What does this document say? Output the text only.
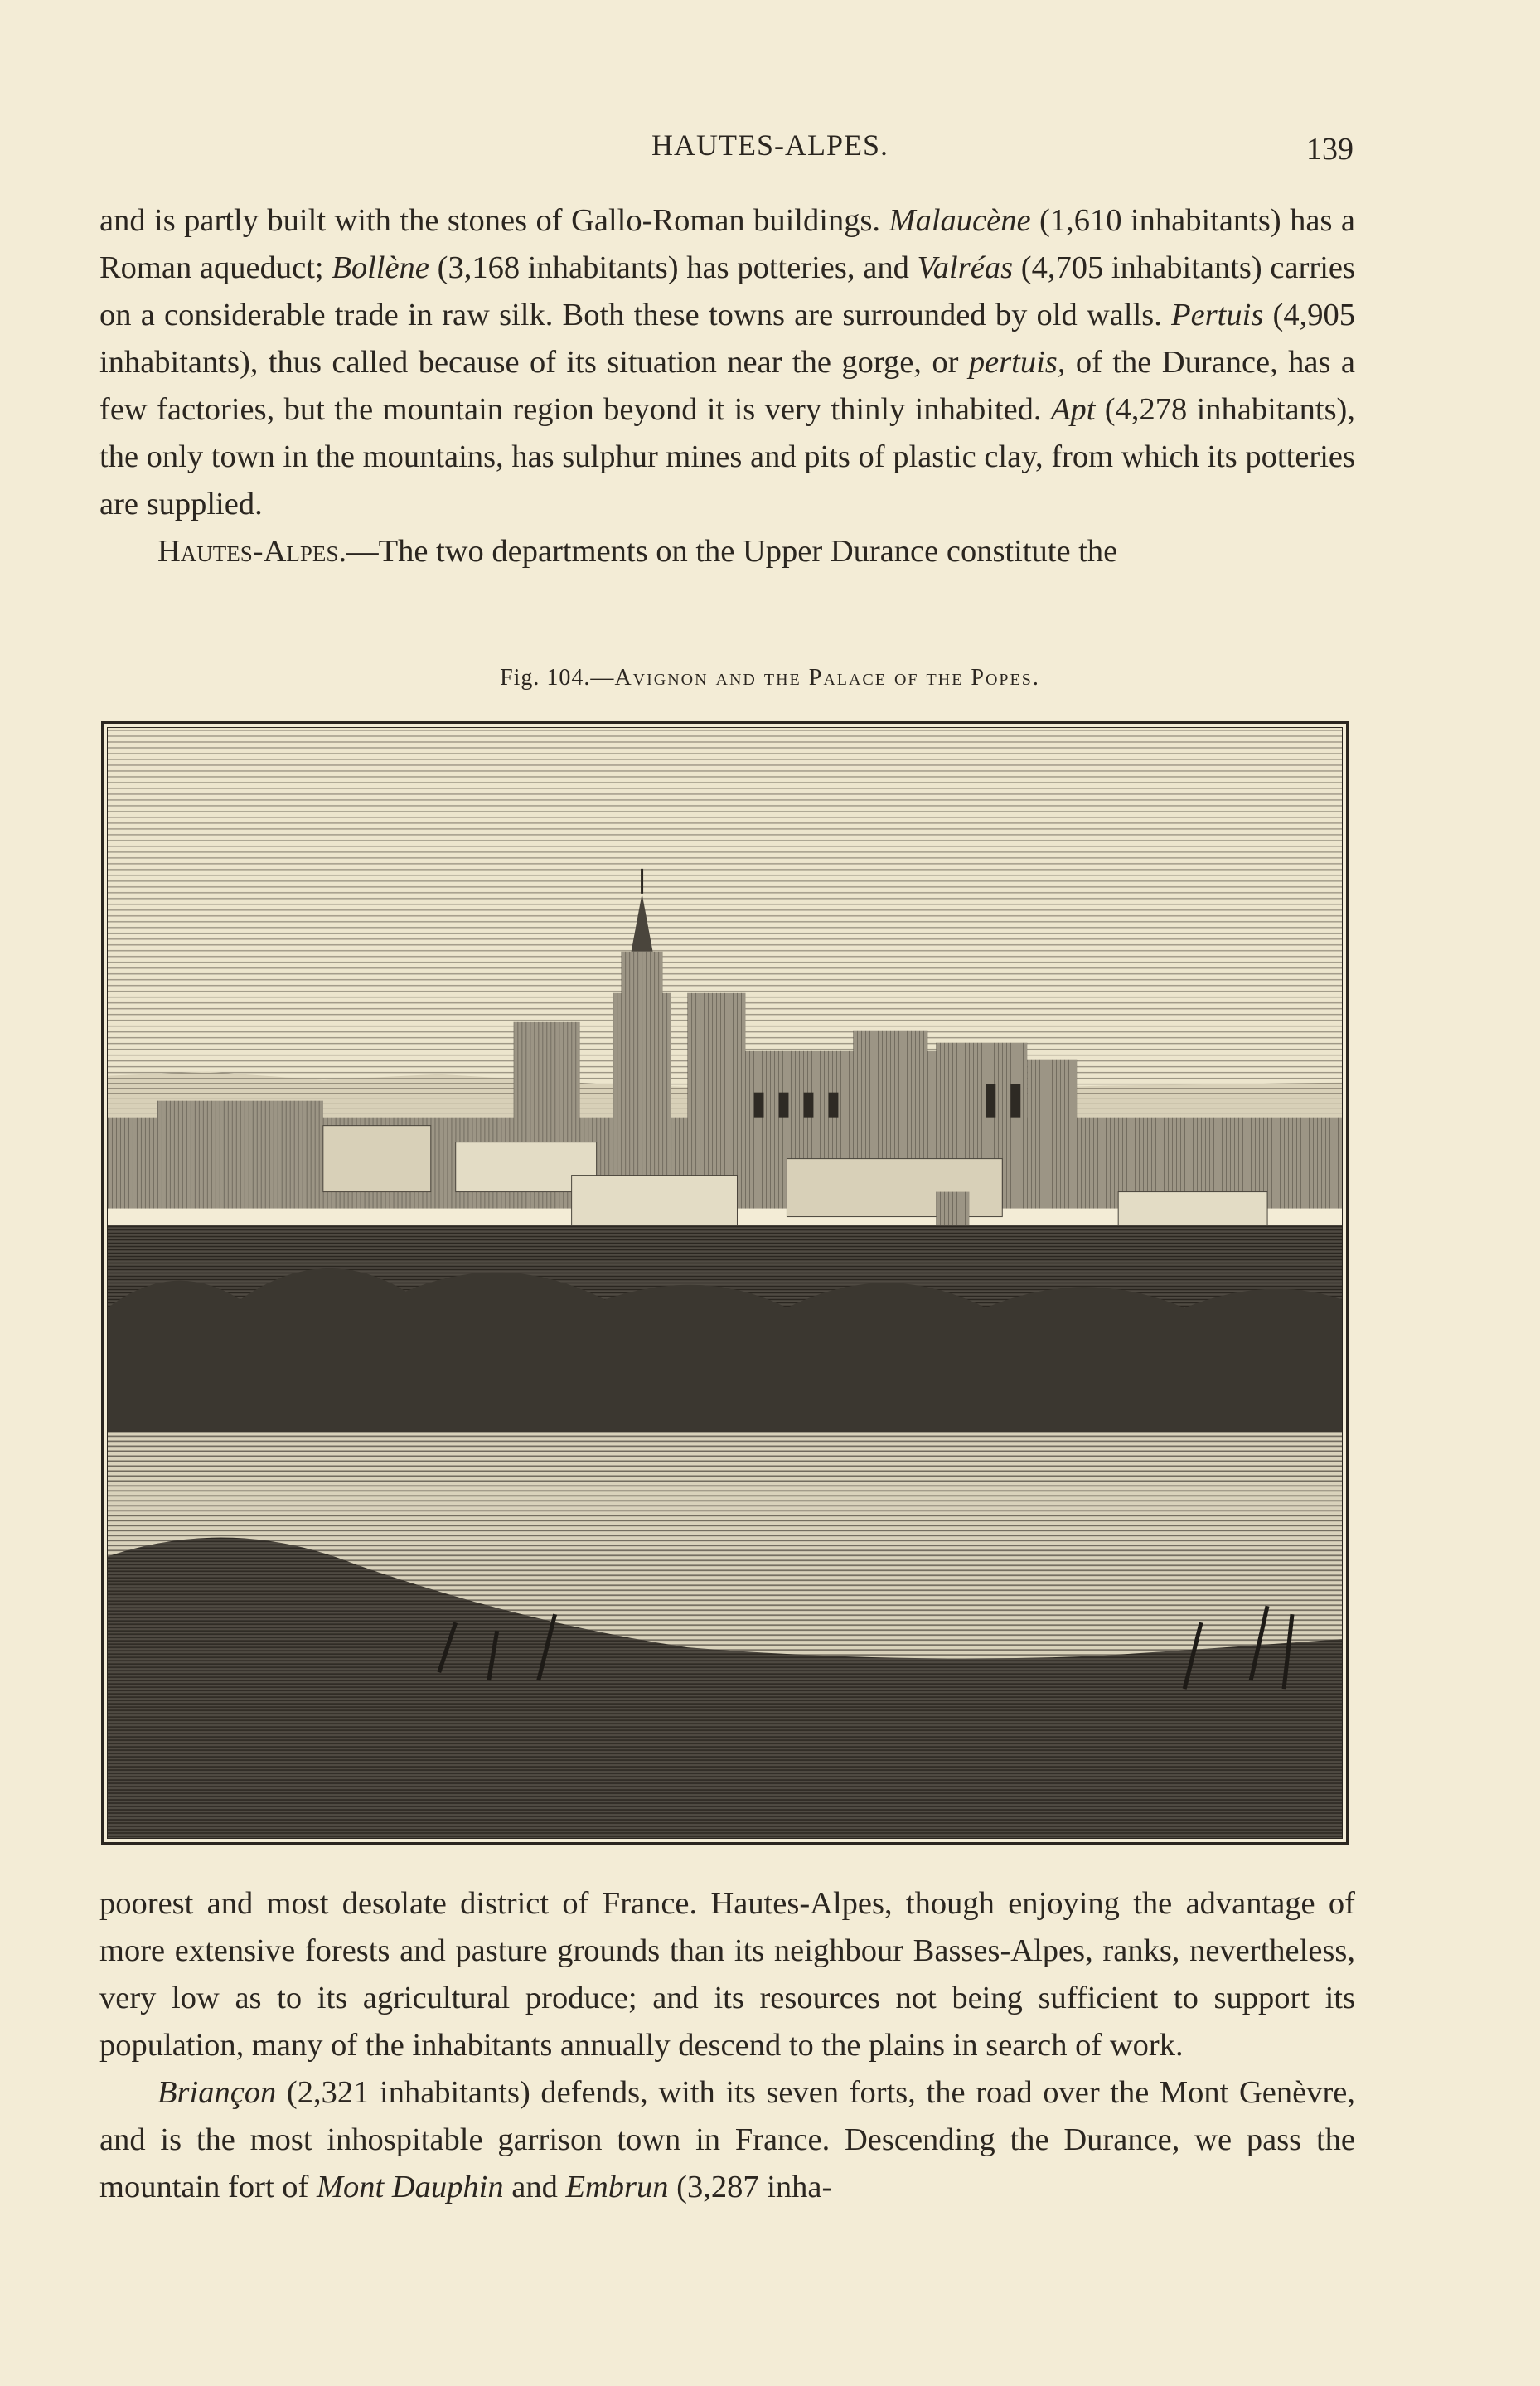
HAUTES-ALPES.	139

and is partly built with the stones of Gallo-Roman buildings. Malaucène (1,610 inhabitants) has a Roman aqueduct; Bollène (3,168 inhabitants) has potteries, and Valréas (4,705 inhabitants) carries on a considerable trade in raw silk. Both these towns are surrounded by old walls. Pertuis (4,905 inhabitants), thus called because of its situation near the gorge, or pertuis, of the Durance, has a few factories, but the mountain region beyond it is very thinly inhabited. Apt (4,278 inhabitants), the only town in the mountains, has sulphur mines and pits of plastic clay, from which its potteries are supplied.

Hautes-Alpes.—The two departments on the Upper Durance constitute the

Fig. 104.—Avignon and the Palace of the Popes.

poorest and most desolate district of France. Hautes-Alpes, though enjoying the advantage of more extensive forests and pasture grounds than its neighbour Basses-Alpes, ranks, nevertheless, very low as to its agricultural produce; and its resources not being sufficient to support its population, many of the inhabitants annually descend to the plains in search of work.

Briançon (2,321 inhabitants) defends, with its seven forts, the road over the Mont Genèvre, and is the most inhospitable garrison town in France. Descending the Durance, we pass the mountain fort of Mont Dauphin and Embrun (3,287 inha-
